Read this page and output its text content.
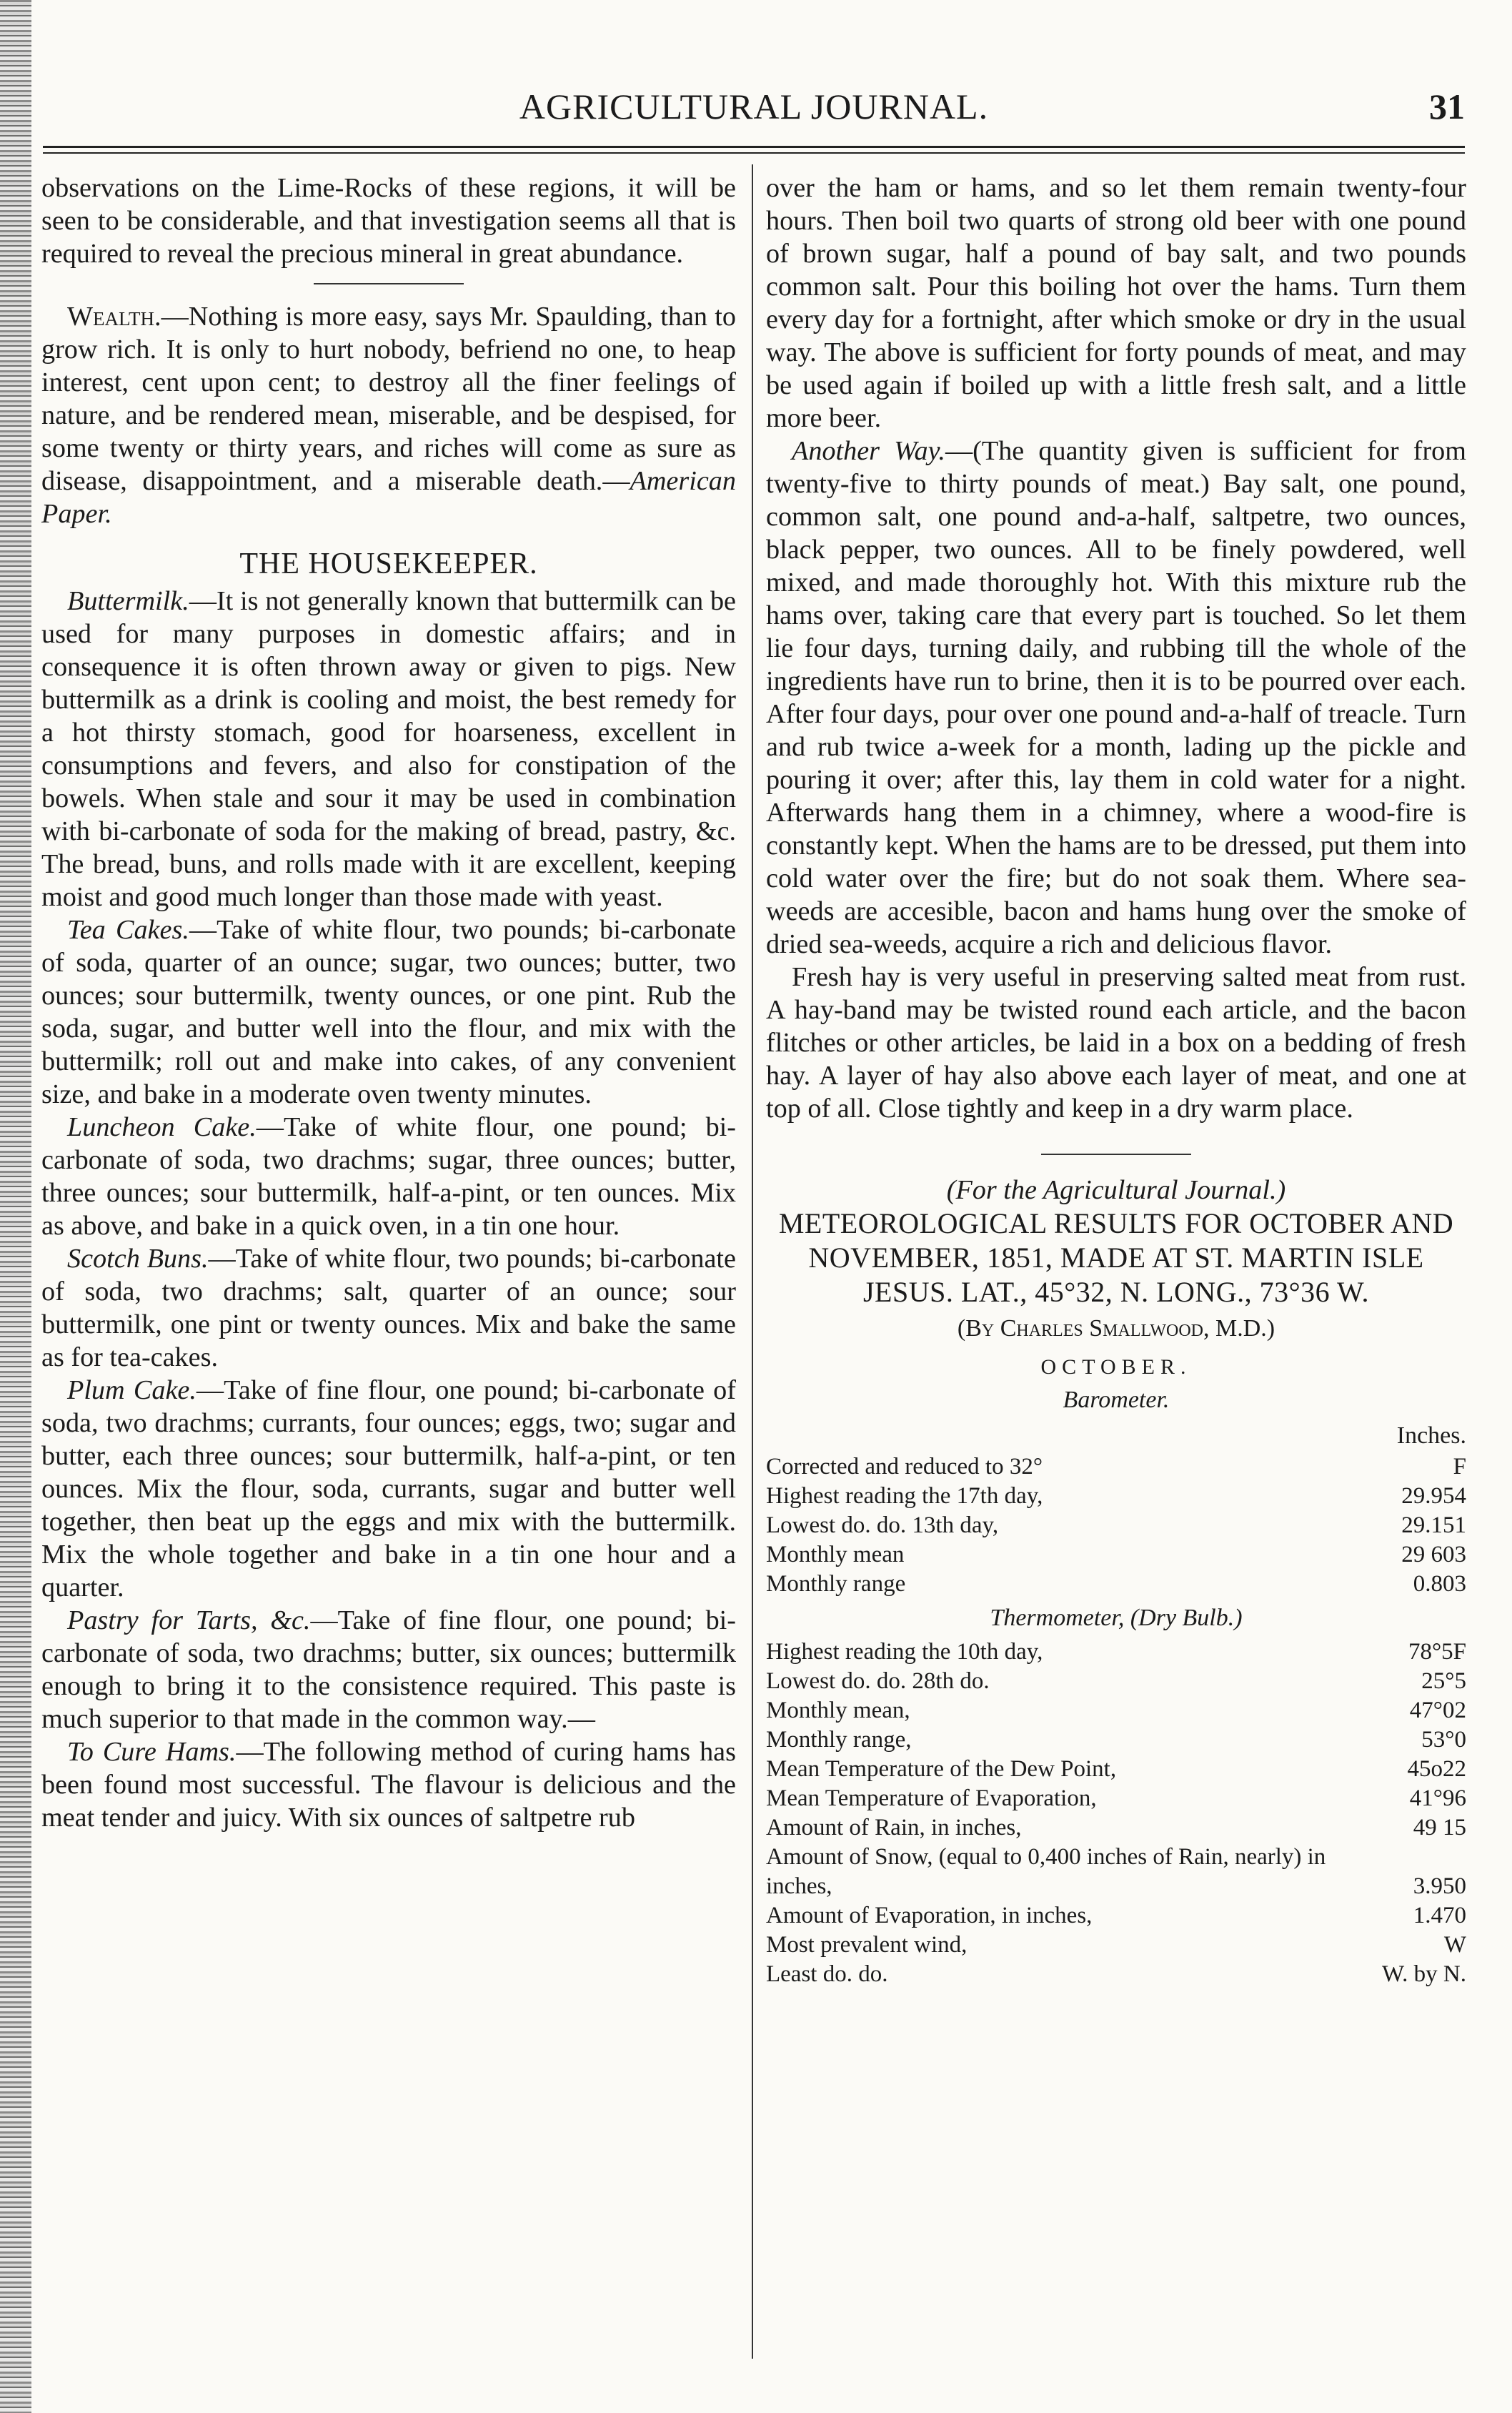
AGRICULTURAL JOURNAL.	31

observations on the Lime-Rocks of these regions, it will be seen to be considerable, and that investigation seems all that is required to reveal the precious mineral in great abundance.

Wealth.—Nothing is more easy, says Mr. Spaulding, than to grow rich. It is only to hurt nobody, befriend no one, to heap interest, cent upon cent; to destroy all the finer feelings of nature, and be rendered mean, miserable, and be despised, for some twenty or thirty years, and riches will come as sure as disease, disappointment, and a miserable death.—American Paper.

THE HOUSEKEEPER.

Buttermilk.—It is not generally known that buttermilk can be used for many purposes in domestic affairs; and in consequence it is often thrown away or given to pigs. New buttermilk as a drink is cooling and moist, the best remedy for a hot thirsty stomach, good for hoarseness, excellent in consumptions and fevers, and also for constipation of the bowels. When stale and sour it may be used in combination with bi-carbonate of soda for the making of bread, pastry, &c. The bread, buns, and rolls made with it are excellent, keeping moist and good much longer than those made with yeast.

Tea Cakes.—Take of white flour, two pounds; bi-carbonate of soda, quarter of an ounce; sugar, two ounces; butter, two ounces; sour buttermilk, twenty ounces, or one pint. Rub the soda, sugar, and butter well into the flour, and mix with the buttermilk; roll out and make into cakes, of any convenient size, and bake in a moderate oven twenty minutes.

Luncheon Cake.—Take of white flour, one pound; bi-carbonate of soda, two drachms; sugar, three ounces; butter, three ounces; sour buttermilk, half-a-pint, or ten ounces. Mix as above, and bake in a quick oven, in a tin one hour.

Scotch Buns.—Take of white flour, two pounds; bi-carbonate of soda, two drachms; salt, quarter of an ounce; sour buttermilk, one pint or twenty ounces. Mix and bake the same as for tea-cakes.

Plum Cake.—Take of fine flour, one pound; bi-carbonate of soda, two drachms; currants, four ounces; eggs, two; sugar and butter, each three ounces; sour buttermilk, half-a-pint, or ten ounces. Mix the flour, soda, currants, sugar and butter well together, then beat up the eggs and mix with the buttermilk. Mix the whole together and bake in a tin one hour and a quarter.

Pastry for Tarts, &c.—Take of fine flour, one pound; bi-carbonate of soda, two drachms; butter, six ounces; buttermilk enough to bring it to the consistence required. This paste is much superior to that made in the common way.—

To Cure Hams.—The following method of curing hams has been found most successful. The flavour is delicious and the meat tender and juicy. With six ounces of saltpetre rub

over the ham or hams, and so let them remain twenty-four hours. Then boil two quarts of strong old beer with one pound of brown sugar, half a pound of bay salt, and two pounds common salt. Pour this boiling hot over the hams. Turn them every day for a fortnight, after which smoke or dry in the usual way. The above is sufficient for forty pounds of meat, and may be used again if boiled up with a little fresh salt, and a little more beer.

Another Way.—(The quantity given is sufficient for from twenty-five to thirty pounds of meat.) Bay salt, one pound, common salt, one pound and-a-half, saltpetre, two ounces, black pepper, two ounces. All to be finely powdered, well mixed, and made thoroughly hot. With this mixture rub the hams over, taking care that every part is touched. So let them lie four days, turning daily, and rubbing till the whole of the ingredients have run to brine, then it is to be pourred over each. After four days, pour over one pound and-a-half of treacle. Turn and rub twice a-week for a month, lading up the pickle and pouring it over; after this, lay them in cold water for a night. Afterwards hang them in a chimney, where a wood-fire is constantly kept. When the hams are to be dressed, put them into cold water over the fire; but do not soak them. Where sea-weeds are accesible, bacon and hams hung over the smoke of dried sea-weeds, acquire a rich and delicious flavor.

Fresh hay is very useful in preserving salted meat from rust. A hay-band may be twisted round each article, and the bacon flitches or other articles, be laid in a box on a bedding of fresh hay. A layer of hay also above each layer of meat, and one at top of all. Close tightly and keep in a dry warm place.

(For the Agricultural Journal.)

METEOROLOGICAL RESULTS FOR OCTOBER AND NOVEMBER, 1851, MADE AT ST. MARTIN ISLE JESUS. LAT., 45°32, N. LONG., 73°36 W.

(By Charles Smallwood, M.D.)

OCTOBER.

Barometer.

Inches.
Corrected and reduced to 32°	F
Highest reading the 17th day,	29.954
Lowest do. do. 13th day,	29.151
Monthly mean	29 603
Monthly range	0.803

Thermometer, (Dry Bulb.)

Highest reading the 10th day,	78°5F
Lowest do. do. 28th do.	25°5
Monthly mean,	47°02
Monthly range,	53°0
Mean Temperature of the Dew Point,	45o22
Mean Temperature of Evaporation,	41°96
Amount of Rain, in inches,	49 15
Amount of Snow, (equal to 0,400 inches of Rain, nearly) in inches,	3.950
Amount of Evaporation, in inches,	1.470
Most prevalent wind,	W
Least do. do.	W. by N.
